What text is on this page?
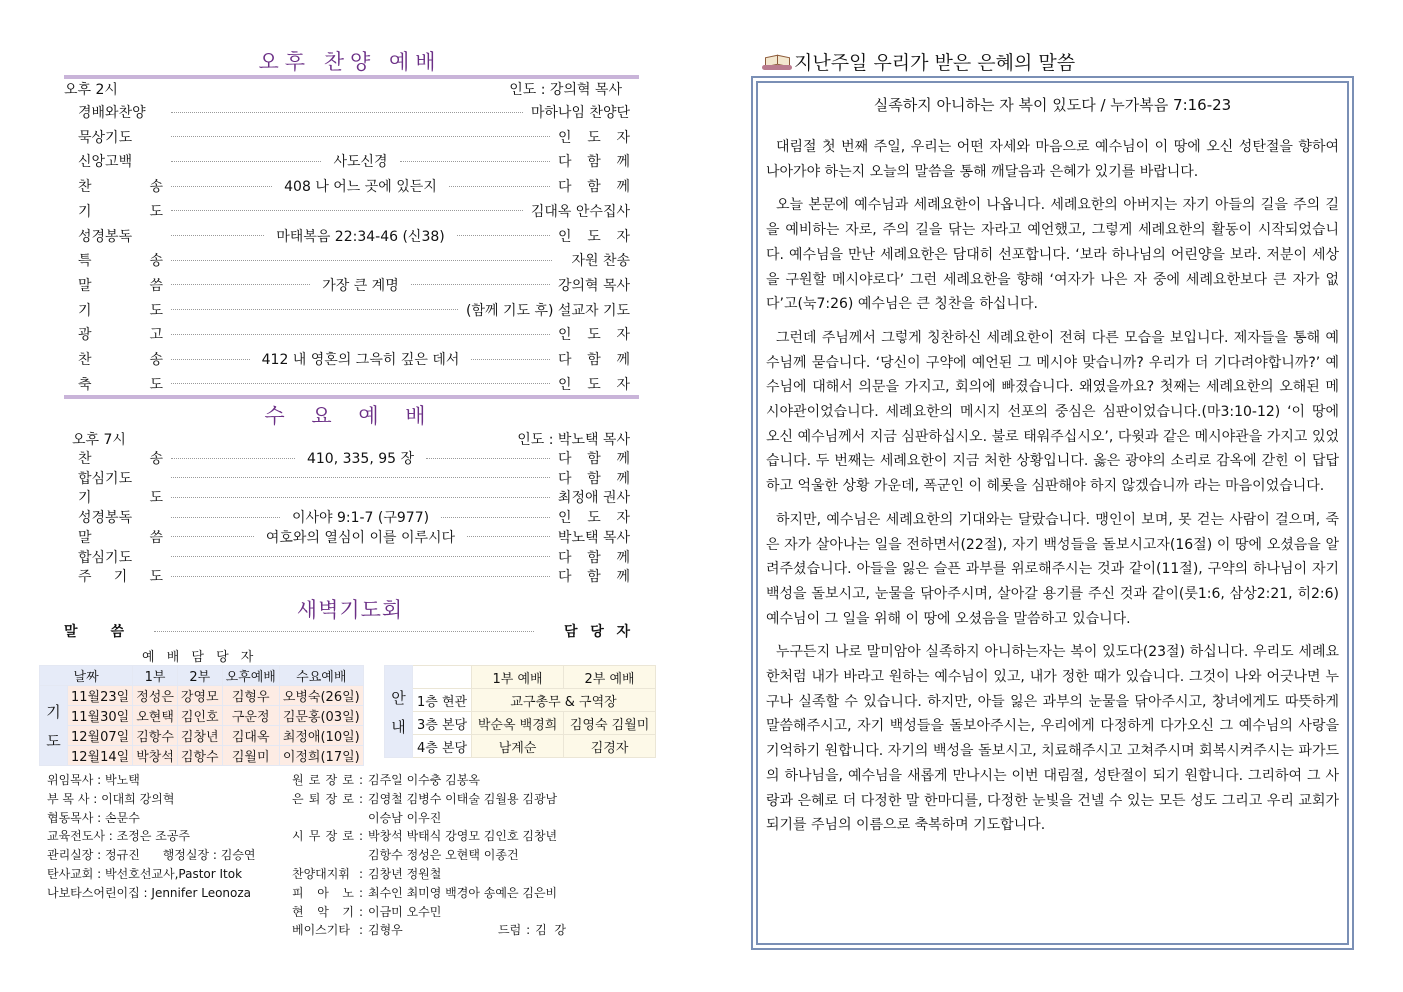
오후 찬양 예배
오후 2시	인도 : 강의혁 목사
경배와찬양	마하나임 찬양단
묵상기도	인 도 자
신앙고백	사도신경	다 함 께
찬	송	408 나 어느 곳에 있든지	다 함 께
기	도	김대옥 안수집사
성경봉독	마태복음 22:34-46 (신38)	인 도 자
특	송	자원 찬송
말	씀	가장 큰 계명	강의혁 목사
기	도	(함께 기도 후) 설교자 기도
광	고	인 도 자
찬	송	412 내 영혼의 그윽히 깊은 데서	다 함 께
축	도	인 도 자
수 요 예 배
오후 7시	인도 : 박노택 목사
찬	송	410, 335, 95 장	다 함 께
합심기도	다 함 께
기	도	최정애 권사
성경봉독	이사야 9:1-7 (구977)	인 도 자
말	씀	여호와의 열심이 이를 이루시다	박노택 목사
합심기도	다 함 께
주 기 도	다 함 께
새벽기도회
말 씀	담 당 자
예 배 담 당 자
날짜		1부	2부	오후예배	수요예배

기
도	11월23일	정성은	강영모	김형우	오병숙(26일)
	11월30일	오현택	김인호	구운정	김문홍(03일)
	12월07일	김항수	김창년	김대옥	최정애(10일)
	12월14일	박창석	김항수	김월미	이정희(17일)
안
내		1부 예배	2부 예배
	1층 현관	교구총무 & 구역장	
	3층 본당	박순옥 백경희	김영숙 김월미
	4층 본당	남계순	김경자
위임목사 : 박노택
부 목 사 : 이대희 강의혁
협동목사 : 손문수
교육전도사 : 조정은 조공주
관리실장 : 정규진      행정실장 : 김승연
탄사교회 : 박선호선교사,Pastor Itok
나보타스어린이집 : Jennifer Leonoza
원 로 장 로 : 김주일 이수충 김봉옥
은 퇴 장 로 : 김영철 김병수 이태술 김월용 김광남
이승남 이우진
시 무 장 로 : 박창석 박태식 강영모 김인호 김창년
김항수 정성은 오현택 이종건
찬양대지휘 : 김창년 정원철
피 아 노 : 최수인 최미영 백경아 송예은 김은비
현 악 기 : 이금미 오수민
베이스기타 : 김형우	드럼 : 김  강
지난주일 우리가 받은 은혜의 말씀
실족하지 아니하는 자 복이 있도다 / 누가복음 7:16-23

대림절 첫 번째 주일, 우리는 어떤 자세와 마음으로 예수님이 이 땅에 오신 성탄절을 향하여 나아가야 하는지 오늘의 말씀을 통해 깨달음과 은혜가 있기를 바랍니다.

오늘 본문에 예수님과 세례요한이 나옵니다. 세례요한의 아버지는 자기 아들의 길을 주의 길을 예비하는 자로, 주의 길을 닦는 자라고 예언했고, 그렇게 세례요한의 활동이 시작되었습니다. 예수님을 만난 세례요한은 담대히 선포합니다. ‘보라 하나님의 어린양을 보라. 저분이 세상을 구원할 메시야로다’ 그런 세례요한을 향해 ‘여자가 나은 자 중에 세례요한보다 큰 자가 없다’고(눅7:26) 예수님은 큰 칭찬을 하십니다.

그런데 주님께서 그렇게 칭찬하신 세례요한이 전혀 다른 모습을 보입니다. 제자들을 통해 예수님께 묻습니다. ‘당신이 구약에 예언된 그 메시야 맞습니까? 우리가 더 기다려야합니까?’ 예수님에 대해서 의문을 가지고, 회의에 빠졌습니다. 왜였을까요? 첫째는 세례요한의 오해된 메시야관이었습니다. 세례요한의 메시지 선포의 중심은 심판이었습니다.(마3:10-12) ‘이 땅에 오신 예수님께서 지금 심판하십시오. 불로 태워주십시오’, 다윗과 같은 메시야관을 가지고 있었습니다. 두 번째는 세례요한이 지금 처한 상황입니다. 옳은 광야의 소리로 감옥에 갇힌 이 답답하고 억울한 상황 가운데, 폭군인 이 헤롯을 심판해야 하지 않겠습니까 라는 마음이었습니다.

하지만, 예수님은 세례요한의 기대와는 달랐습니다. 맹인이 보며, 못 걷는 사람이 걸으며, 죽은 자가 살아나는 일을 전하면서(22절), 자기 백성들을 돌보시고자(16절) 이 땅에 오셨음을 알려주셨습니다. 아들을 잃은 슬픈 과부를 위로해주시는 것과 같이(11절), 구약의 하나님이 자기 백성을 돌보시고, 눈물을 닦아주시며, 살아갈 용기를 주신 것과 같이(룻1:6, 삼상2:21, 히2:6) 예수님이 그 일을 위해 이 땅에 오셨음을 말씀하고 있습니다.

누구든지 나로 말미암아 실족하지 아니하는자는 복이 있도다(23절) 하십니다. 우리도 세례요한처럼 내가 바라고 원하는 예수님이 있고, 내가 정한 때가 있습니다. 그것이 나와 어긋나면 누구나 실족할 수 있습니다. 하지만, 아들 잃은 과부의 눈물을 닦아주시고, 창녀에게도 따뜻하게 말씀해주시고, 자기 백성들을 돌보아주시는, 우리에게 다정하게 다가오신 그 예수님의 사랑을 기억하기 원합니다. 자기의 백성을 돌보시고, 치료해주시고 고쳐주시며 회복시켜주시는 파가드의 하나님을, 예수님을 새롭게 만나시는 이번 대림절, 성탄절이 되기 원합니다. 그리하여 그 사랑과 은혜로 더 다정한 말 한마디를, 다정한 눈빛을 건넬 수 있는 모든 성도 그리고 우리 교회가 되기를 주님의 이름으로 축복하며 기도합니다.
